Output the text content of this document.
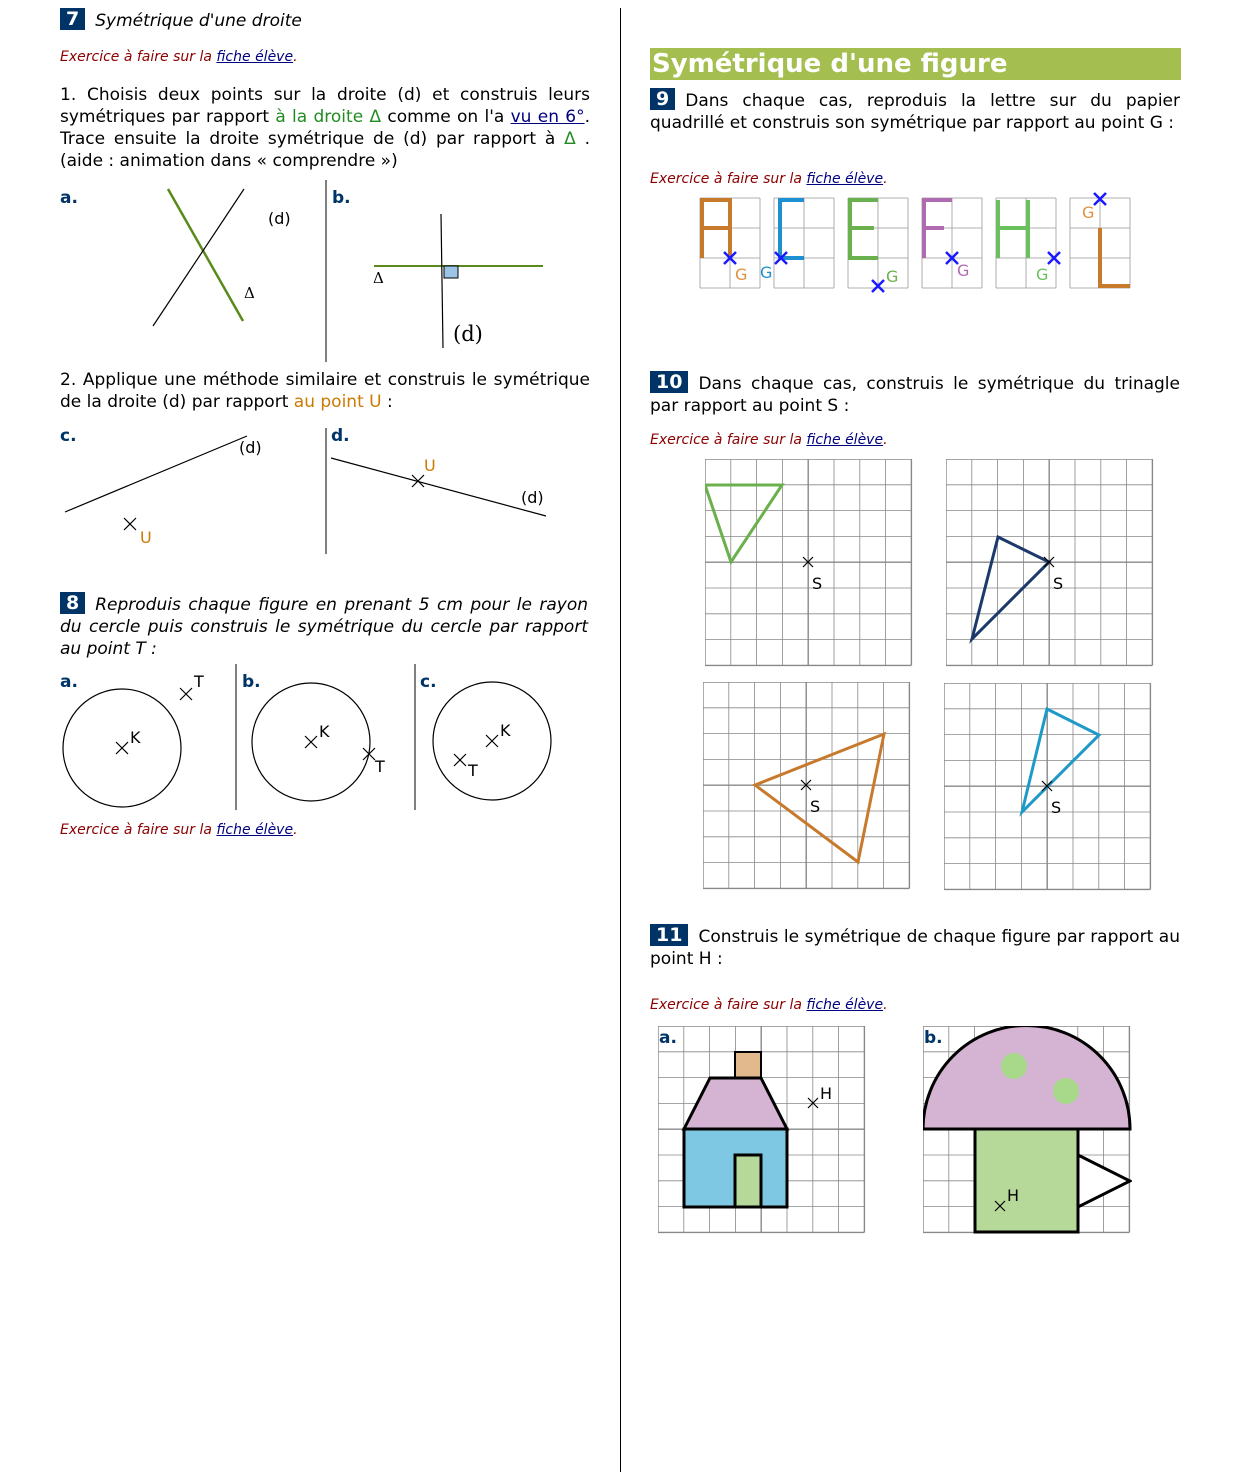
7 Symétrique d'une droite
Exercice à faire sur la fiche élève.
1. Choisis deux points sur la droite (d) et construis leurs symétriques par rapport à la droite Δ comme on l'a vu en 6°. Trace ensuite la droite symétrique de (d) par rapport à Δ . (aide : animation dans « comprendre »)
a.
(d)
Δ
b.
Δ
(d)
2. Applique une méthode similaire et construis le symétrique de la droite (d) par rapport au point U :
c.
(d)
U
d.
U
(d)
8 Reproduis chaque figure en prenant 5 cm pour le rayon du cercle puis construis le symétrique du cercle par rapport au point T :
a.
K
T b.
K
T
c.
K
T
Exercice à faire sur la fiche élève.
Symétrique d'une figure
9 Dans chaque cas, reproduis la lettre sur du papier quadrillé et construis son symétrique par rapport au point G :
Exercice à faire sur la fiche élève.
G G	G	G	G
G
10 Dans chaque cas, construis le symétrique du trinagle par rapport au point S :
Exercice à faire sur la fiche élève.
S	S
S	S
11 Construis le symétrique de chaque figure par rapport au point H :
Exercice à faire sur la fiche élève.
H
a.
H
b.
